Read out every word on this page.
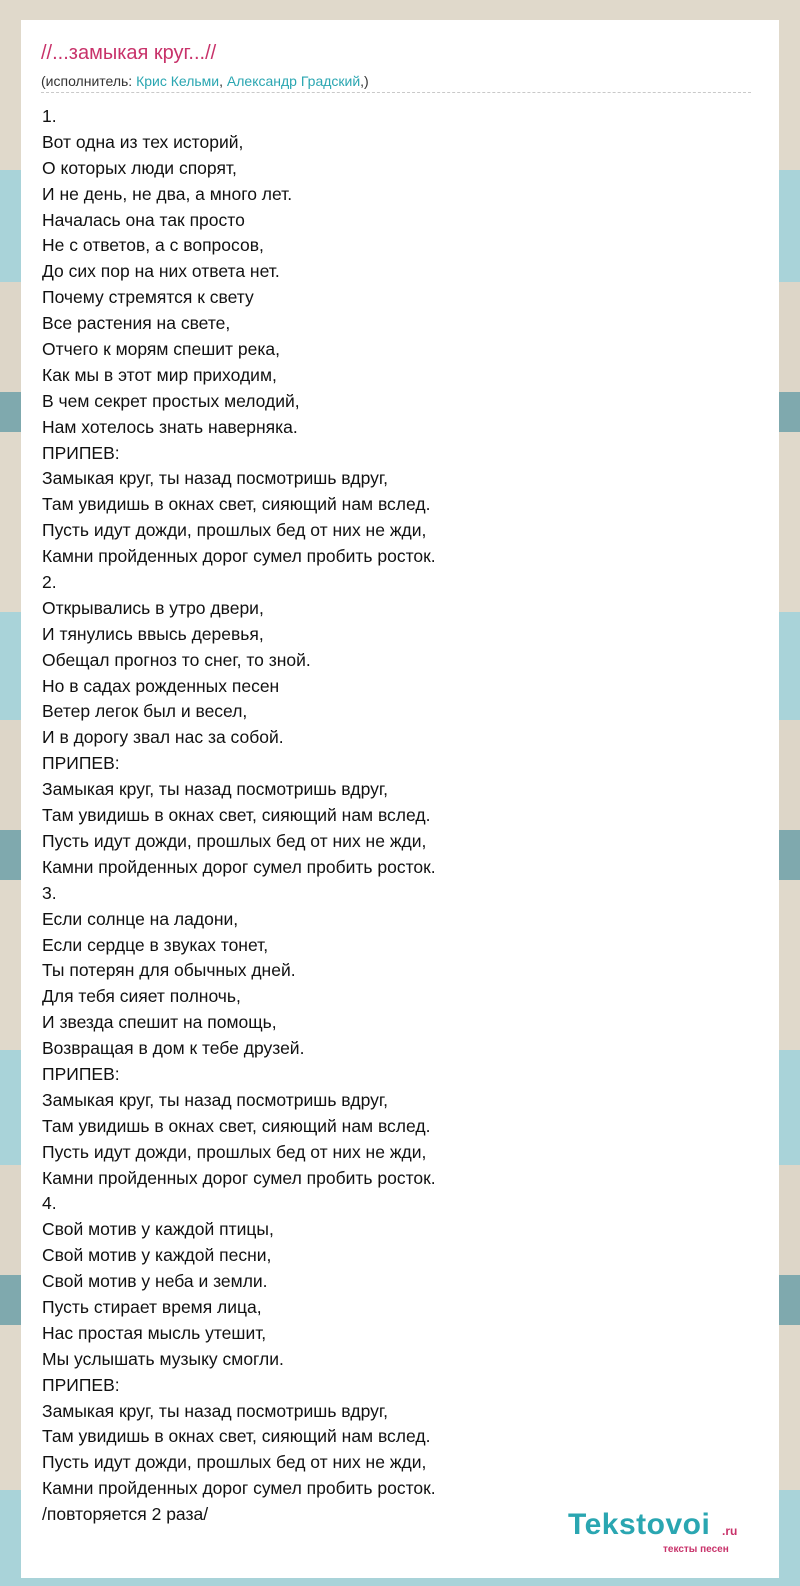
//...замыкая круг...//
(исполнитель: Крис Кельми, Александр Градский,)
1.
Вот одна из тех историй,
О которых люди спорят,
И не день, не два, а много лет.
Началась она так просто
Не с ответов, а с вопросов,
До сих пор на них ответа нет.
Почему стремятся к свету
Все растения на свете,
Отчего к морям спешит река,
Как мы в этот мир приходим,
В чем секрет простых мелодий,
Нам хотелось знать наверняка.
ПРИПЕВ:
Замыкая круг, ты назад посмотришь вдруг,
Там увидишь в окнах свет, сияющий нам вслед.
Пусть идут дожди, прошлых бед от них не жди,
Камни пройденных дорог сумел пробить росток.
2.
Открывались в утро двери,
И тянулись ввысь деревья,
Обещал прогноз то снег, то зной.
Но в садах рожденных песен
Ветер легок был и весел,
И в дорогу звал нас за собой.
ПРИПЕВ:
Замыкая круг, ты назад посмотришь вдруг,
Там увидишь в окнах свет, сияющий нам вслед.
Пусть идут дожди, прошлых бед от них не жди,
Камни пройденных дорог сумел пробить росток.
3.
Если солнце на ладони,
Если сердце в звуках тонет,
Ты потерян для обычных дней.
Для тебя сияет полночь,
И звезда спешит на помощь,
Возвращая в дом к тебе друзей.
ПРИПЕВ:
Замыкая круг, ты назад посмотришь вдруг,
Там увидишь в окнах свет, сияющий нам вслед.
Пусть идут дожди, прошлых бед от них не жди,
Камни пройденных дорог сумел пробить росток.
4.
Свой мотив у каждой птицы,
Свой мотив у каждой песни,
Свой мотив у неба и земли.
Пусть стирает время лица,
Нас простая мысль утешит,
Мы услышать музыку смогли.
ПРИПЕВ:
Замыкая круг, ты назад посмотришь вдруг,
Там увидишь в окнах свет, сияющий нам вслед.
Пусть идут дожди, прошлых бед от них не жди,
Камни пройденных дорог сумел пробить росток.
/повторяется 2 раза/	Tekstovoi .ru
тексты песен
